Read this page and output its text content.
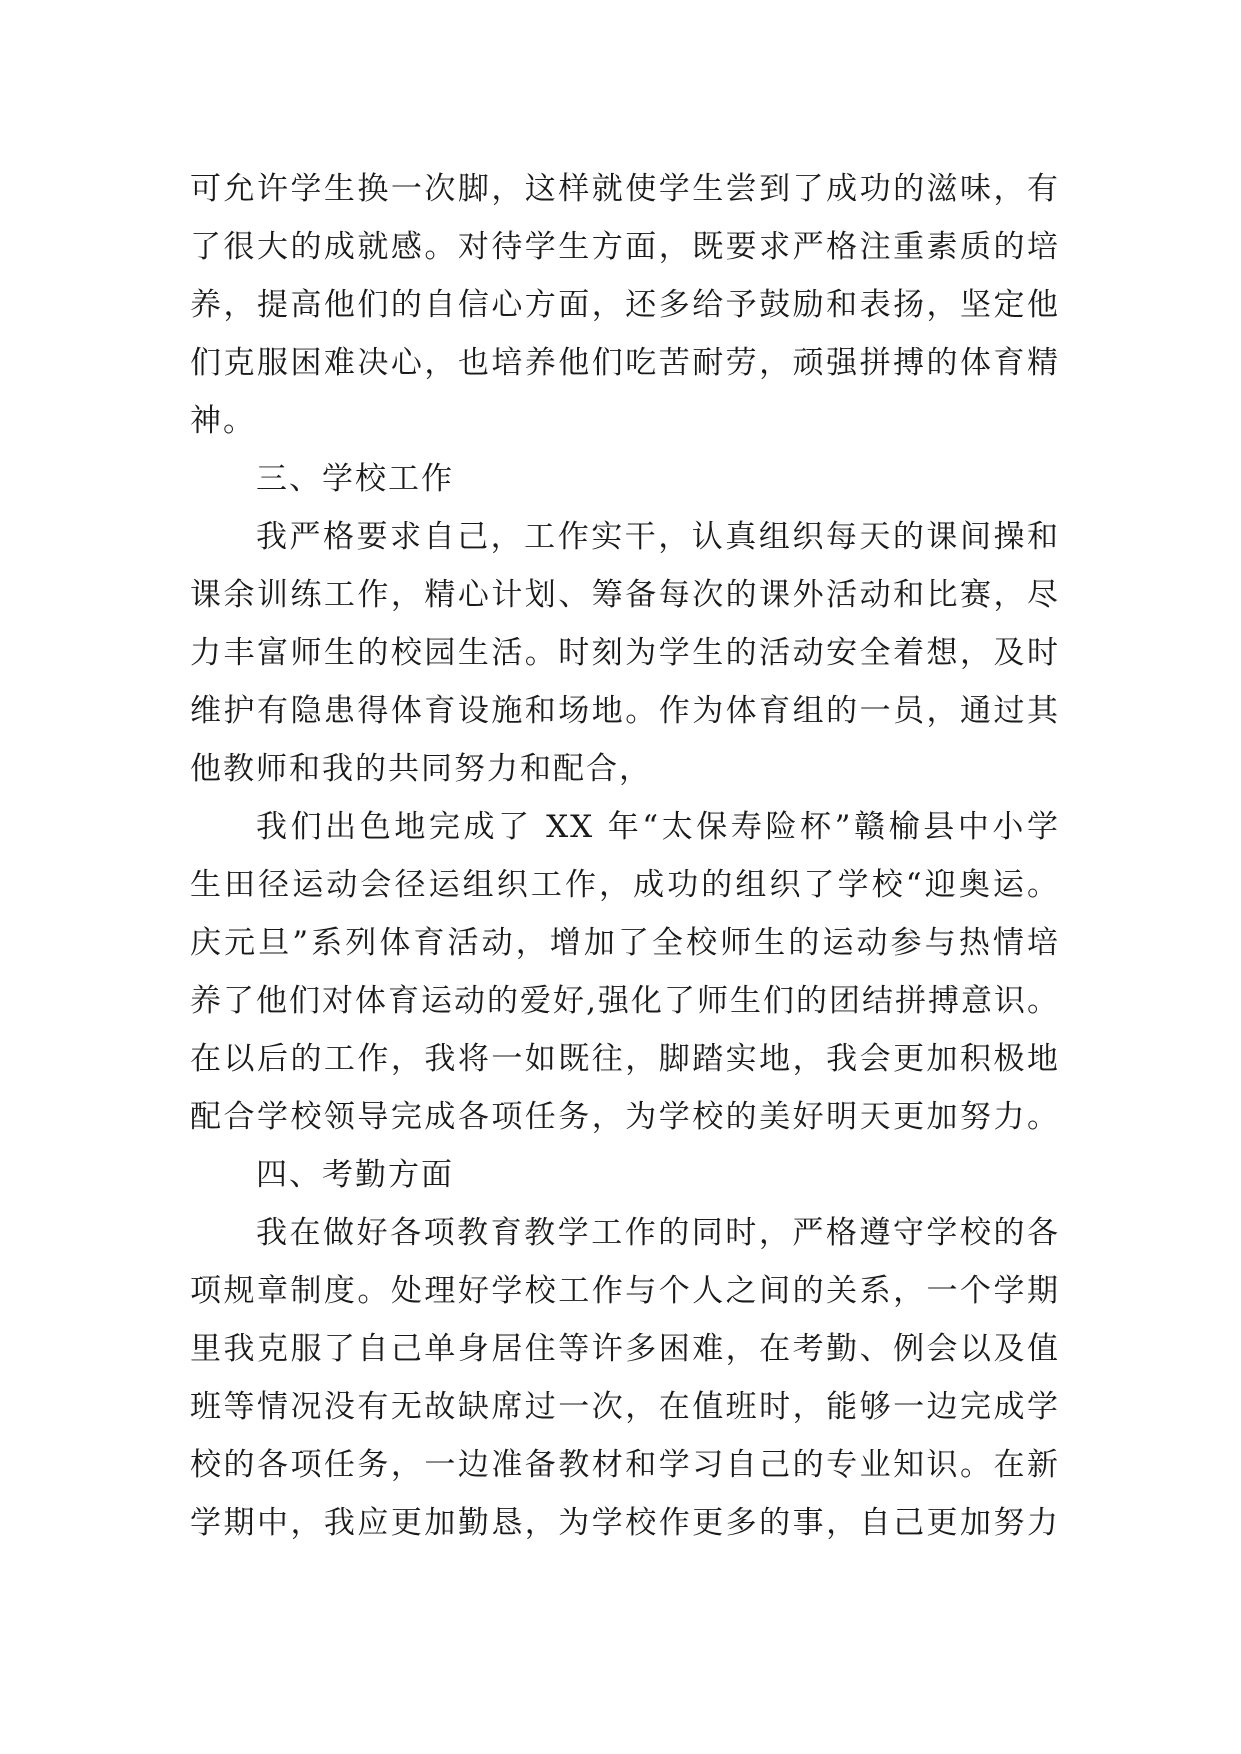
可允许学生换一次脚，这样就使学生尝到了成功的滋味，有
了很大的成就感。对待学生方面，既要求严格注重素质的培
养，提高他们的自信心方面，还多给予鼓励和表扬，坚定他
们克服困难决心，也培养他们吃苦耐劳，顽强拼搏的体育精
神。
三、学校工作
我严格要求自己，工作实干，认真组织每天的课间操和
课余训练工作，精心计划、筹备每次的课外活动和比赛，尽
力丰富师生的校园生活。时刻为学生的活动安全着想，及时
维护有隐患得体育设施和场地。作为体育组的一员，通过其
他教师和我的共同努力和配合，
我们出色地完成了 XX 年“太保寿险杯”赣榆县中小学
生田径运动会径运组织工作，成功的组织了学校“迎奥运。
庆元旦”系列体育活动，增加了全校师生的运动参与热情培
养了他们对体育运动的爱好,强化了师生们的团结拼搏意识。
在以后的工作，我将一如既往，脚踏实地，我会更加积极地
配合学校领导完成各项任务，为学校的美好明天更加努力。
四、考勤方面
我在做好各项教育教学工作的同时，严格遵守学校的各
项规章制度。处理好学校工作与个人之间的关系，一个学期
里我克服了自己单身居住等许多困难，在考勤、例会以及值
班等情况没有无故缺席过一次，在值班时，能够一边完成学
校的各项任务，一边准备教材和学习自己的专业知识。在新
学期中，我应更加勤恳，为学校作更多的事，自己更加努力
